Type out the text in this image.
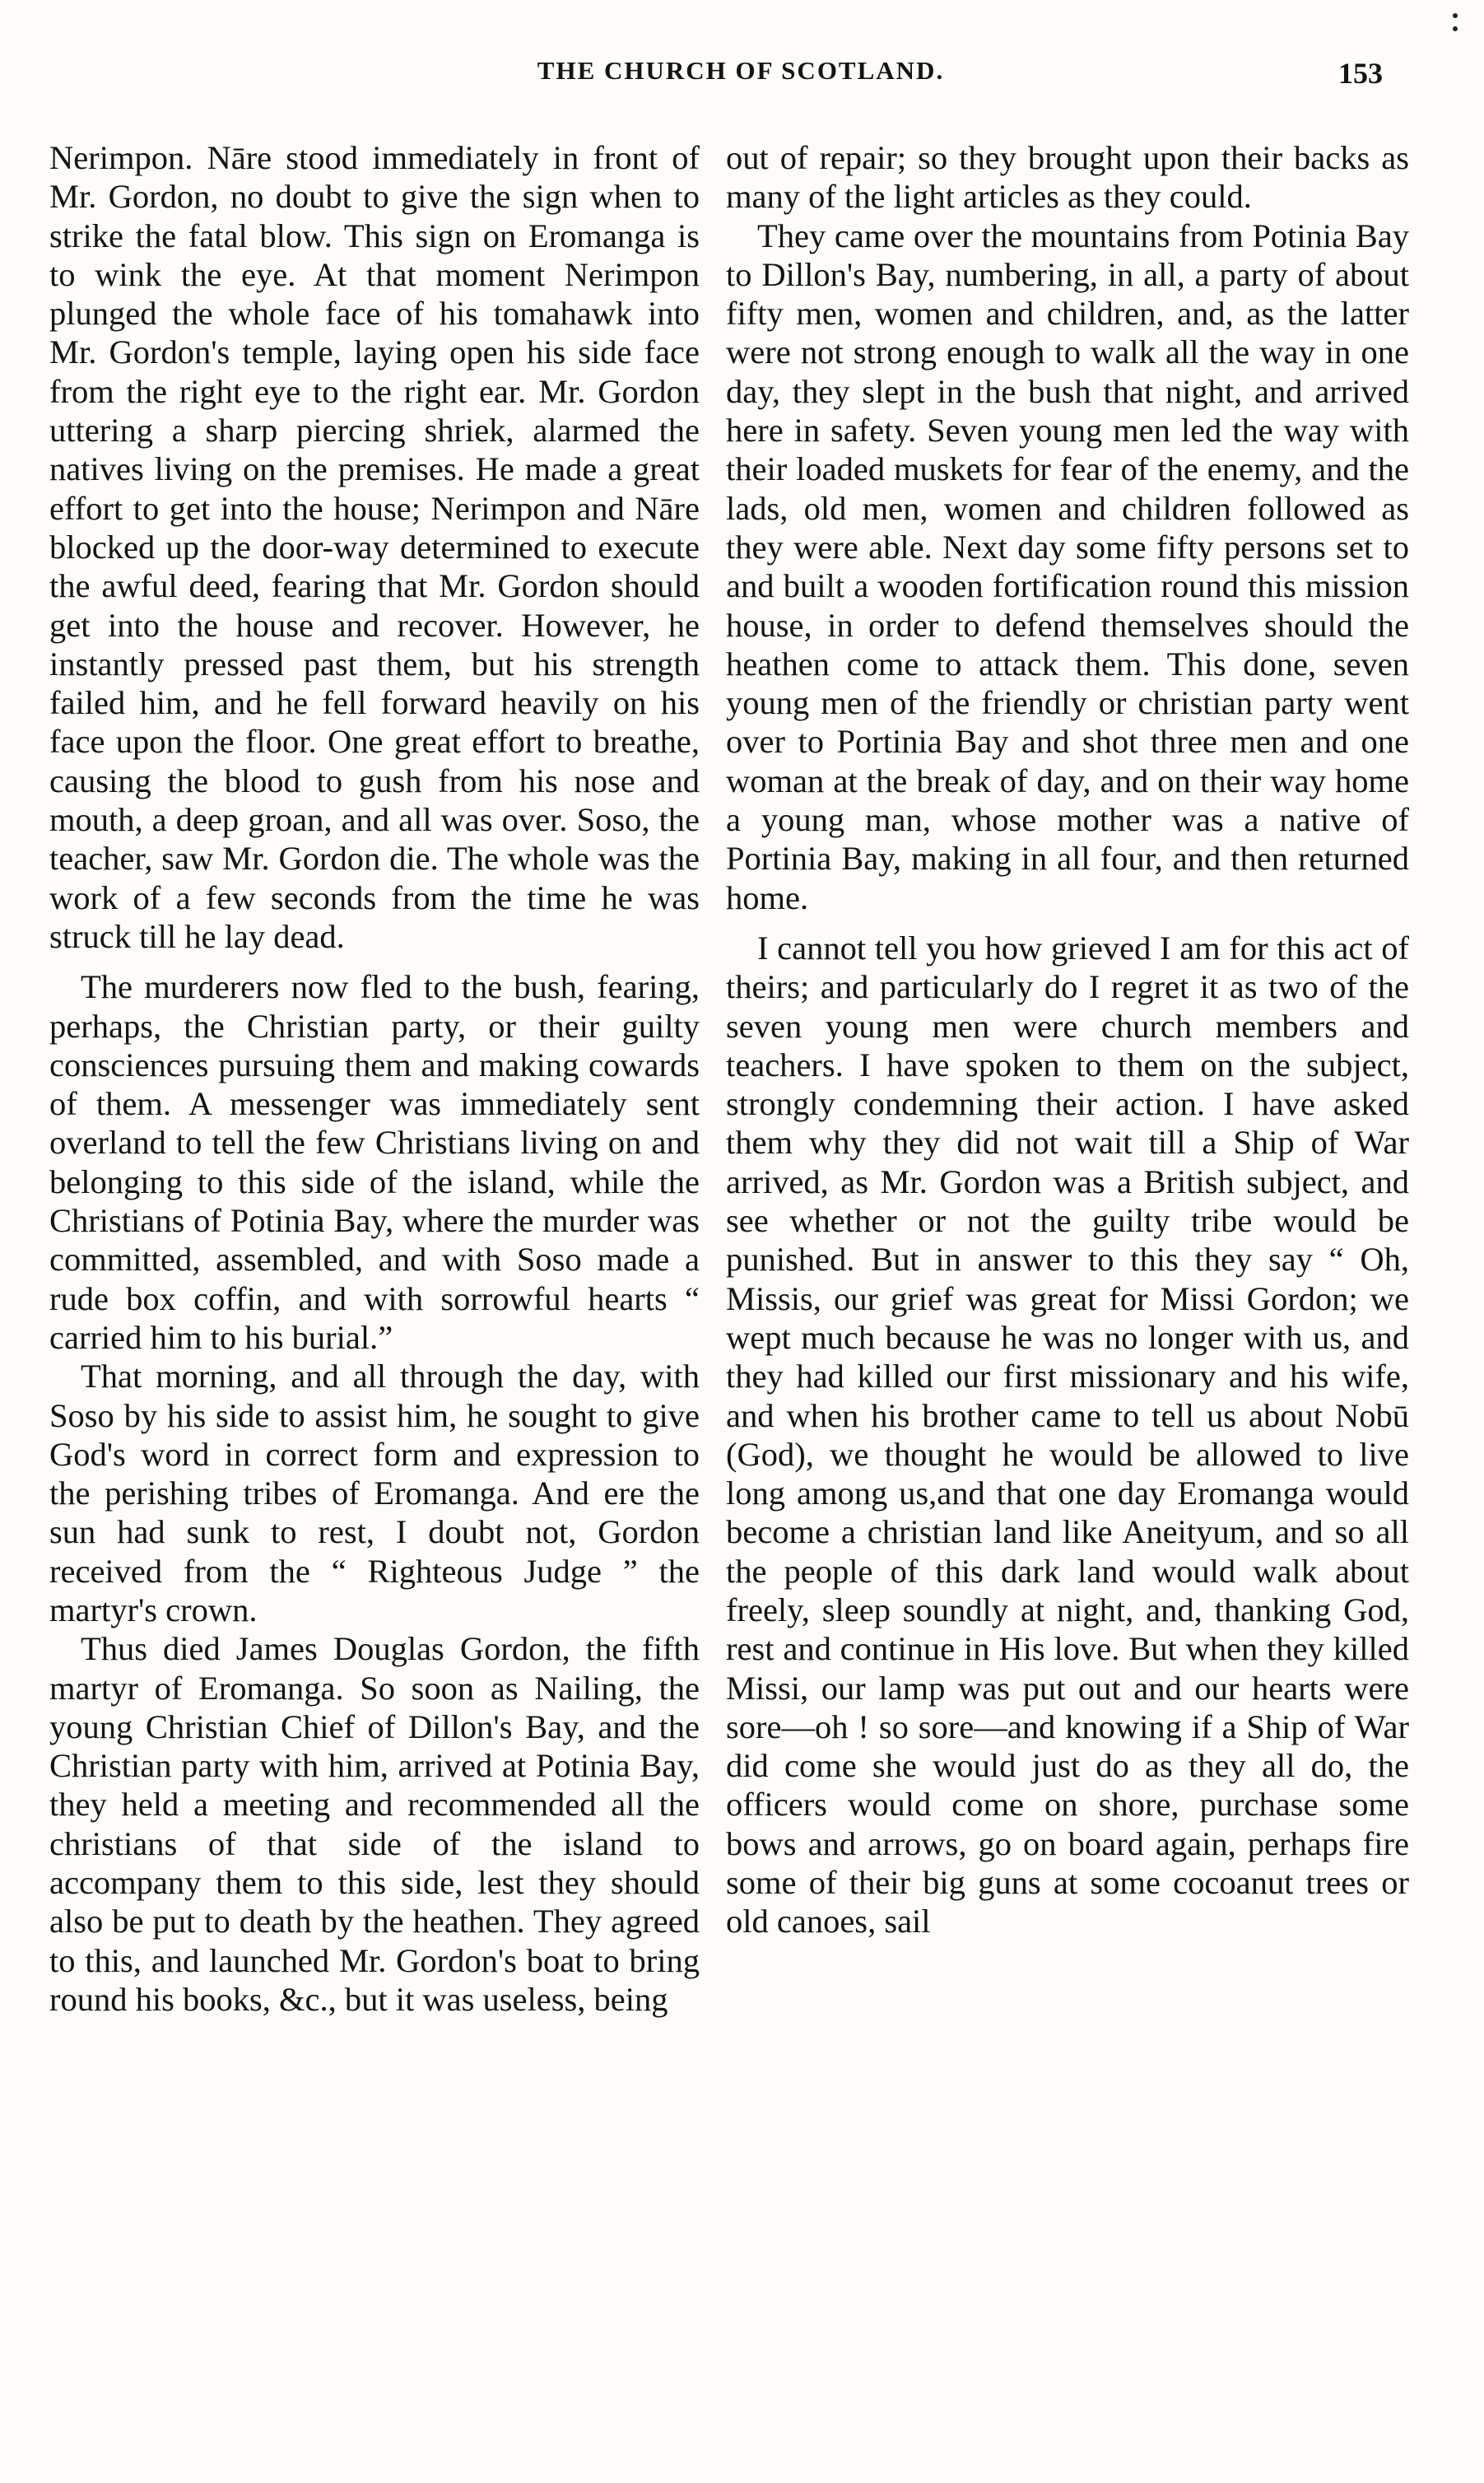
THE CHURCH OF SCOTLAND.	153

Nerimpon. Nāre stood immediately in front of Mr. Gordon, no doubt to give the sign when to strike the fatal blow. This sign on Eromanga is to wink the eye. At that moment Nerimpon plunged the whole face of his tomahawk into Mr. Gordon's temple, laying open his side face from the right eye to the right ear. Mr. Gordon uttering a sharp piercing shriek, alarmed the natives living on the premises. He made a great effort to get into the house; Nerimpon and Nāre blocked up the door-way determined to execute the awful deed, fearing that Mr. Gordon should get into the house and recover. However, he instantly pressed past them, but his strength failed him, and he fell forward heavily on his face upon the floor. One great effort to breathe, causing the blood to gush from his nose and mouth, a deep groan, and all was over. Soso, the teacher, saw Mr. Gordon die. The whole was the work of a few seconds from the time he was struck till he lay dead.

The murderers now fled to the bush, fearing, perhaps, the Christian party, or their guilty consciences pursuing them and making cowards of them. A messenger was immediately sent overland to tell the few Christians living on and belonging to this side of the island, while the Christians of Potinia Bay, where the murder was committed, assembled, and with Soso made a rude box coffin, and with sorrowful hearts “ carried him to his burial.”

That morning, and all through the day, with Soso by his side to assist him, he sought to give God's word in correct form and expression to the perishing tribes of Eromanga. And ere the sun had sunk to rest, I doubt not, Gordon received from the “ Righteous Judge ” the martyr's crown.

Thus died James Douglas Gordon, the fifth martyr of Eromanga. So soon as Nailing, the young Christian Chief of Dillon's Bay, and the Christian party with him, arrived at Potinia Bay, they held a meeting and recommended all the christians of that side of the island to accompany them to this side, lest they should also be put to death by the heathen. They agreed to this, and launched Mr. Gordon's boat to bring round his books, &c., but it was useless, being

out of repair; so they brought upon their backs as many of the light articles as they could.

They came over the mountains from Potinia Bay to Dillon's Bay, numbering, in all, a party of about fifty men, women and children, and, as the latter were not strong enough to walk all the way in one day, they slept in the bush that night, and arrived here in safety. Seven young men led the way with their loaded muskets for fear of the enemy, and the lads, old men, women and children followed as they were able. Next day some fifty persons set to and built a wooden fortification round this mission house, in order to defend themselves should the heathen come to attack them. This done, seven young men of the friendly or christian party went over to Portinia Bay and shot three men and one woman at the break of day, and on their way home a young man, whose mother was a native of Portinia Bay, making in all four, and then returned home.

I cannot tell you how grieved I am for this act of theirs; and particularly do I regret it as two of the seven young men were church members and teachers. I have spoken to them on the subject, strongly condemning their action. I have asked them why they did not wait till a Ship of War arrived, as Mr. Gordon was a British subject, and see whether or not the guilty tribe would be punished. But in answer to this they say “ Oh, Missis, our grief was great for Missi Gordon; we wept much because he was no longer with us, and they had killed our first missionary and his wife, and when his brother came to tell us about Nobū (God), we thought he would be allowed to live long among us,and that one day Eromanga would become a christian land like Aneityum, and so all the people of this dark land would walk about freely, sleep soundly at night, and, thanking God, rest and continue in His love. But when they killed Missi, our lamp was put out and our hearts were sore—oh ! so sore—and knowing if a Ship of War did come she would just do as they all do, the officers would come on shore, purchase some bows and arrows, go on board again, perhaps fire some of their big guns at some cocoanut trees or old canoes, sail
